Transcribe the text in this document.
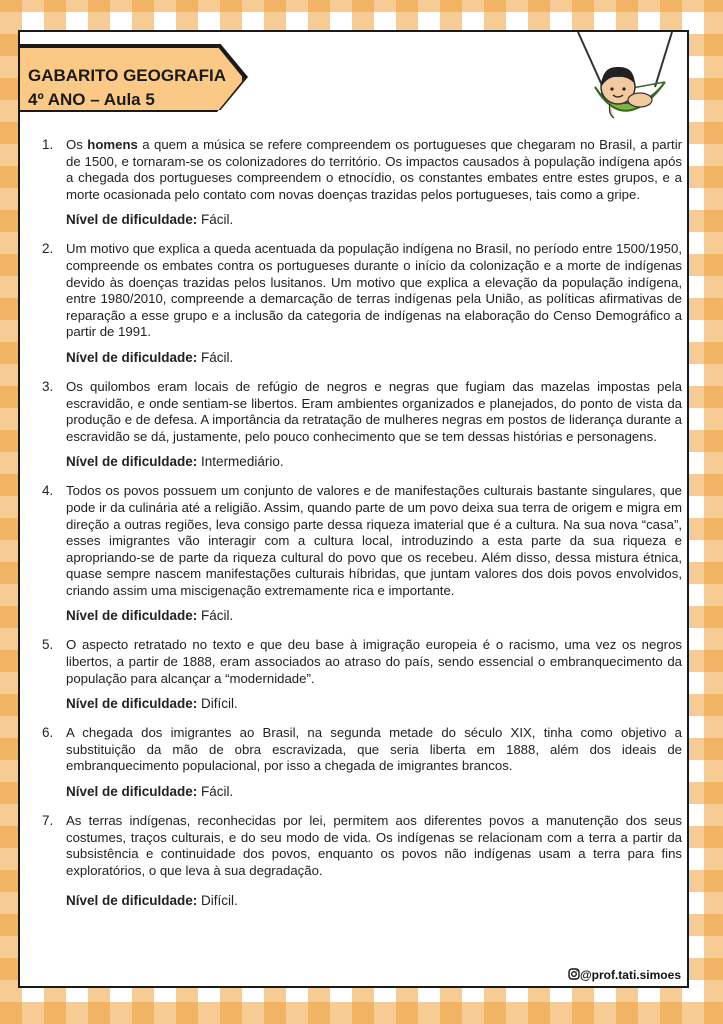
GABARITO GEOGRAFIA
4º ANO – Aula 5
1. Os homens a quem a música se refere compreendem os portugueses que chegaram no Brasil, a partir de 1500, e tornaram-se os colonizadores do território. Os impactos causados à população indígena após a chegada dos portugueses compreendem o etnocídio, os constantes embates entre estes grupos, e a morte ocasionada pelo contato com novas doenças trazidas pelos portugueses, tais como a gripe.

Nível de dificuldade: Fácil.

2. Um motivo que explica a queda acentuada da população indígena no Brasil, no período entre 1500/1950, compreende os embates contra os portugueses durante o início da colonização e a morte de indígenas devido às doenças trazidas pelos lusitanos. Um motivo que explica a elevação da população indígena, entre 1980/2010, compreende a demarcação de terras indígenas pela União, as políticas afirmativas de reparação a esse grupo e a inclusão da categoria de indígenas na elaboração do Censo Demográfico a partir de 1991.

Nível de dificuldade: Fácil.

3. Os quilombos eram locais de refúgio de negros e negras que fugiam das mazelas impostas pela escravidão, e onde sentiam-se libertos. Eram ambientes organizados e planejados, do ponto de vista da produção e de defesa. A importância da retratação de mulheres negras em postos de liderança durante a escravidão se dá, justamente, pelo pouco conhecimento que se tem dessas histórias e personagens.

Nível de dificuldade: Intermediário.

4. Todos os povos possuem um conjunto de valores e de manifestações culturais bastante singulares, que pode ir da culinária até a religião. Assim, quando parte de um povo deixa sua terra de origem e migra em direção a outras regiões, leva consigo parte dessa riqueza imaterial que é a cultura. Na sua nova “casa”, esses imigrantes vão interagir com a cultura local, introduzindo a esta parte da sua riqueza e apropriando-se de parte da riqueza cultural do povo que os recebeu. Além disso, dessa mistura étnica, quase sempre nascem manifestações culturais híbridas, que juntam valores dos dois povos envolvidos, criando assim uma miscigenação extremamente rica e importante.

Nível de dificuldade: Fácil.

5. O aspecto retratado no texto e que deu base à imigração europeia é o racismo, uma vez os negros libertos, a partir de 1888, eram associados ao atraso do país, sendo essencial o embranquecimento da população para alcançar a “modernidade”.

Nível de dificuldade: Difícil.

6. A chegada dos imigrantes ao Brasil, na segunda metade do século XIX, tinha como objetivo a substituição da mão de obra escravizada, que seria liberta em 1888, além dos ideais de embranquecimento populacional, por isso a chegada de imigrantes brancos.

Nível de dificuldade: Fácil.

7. As terras indígenas, reconhecidas por lei, permitem aos diferentes povos a manutenção dos seus costumes, traços culturais, e do seu modo de vida. Os indígenas se relacionam com a terra a partir da subsistência e continuidade dos povos, enquanto os povos não indígenas usam a terra para fins exploratórios, o que leva à sua degradação.

Nível de dificuldade: Difícil.

@prof.tati.simoes
